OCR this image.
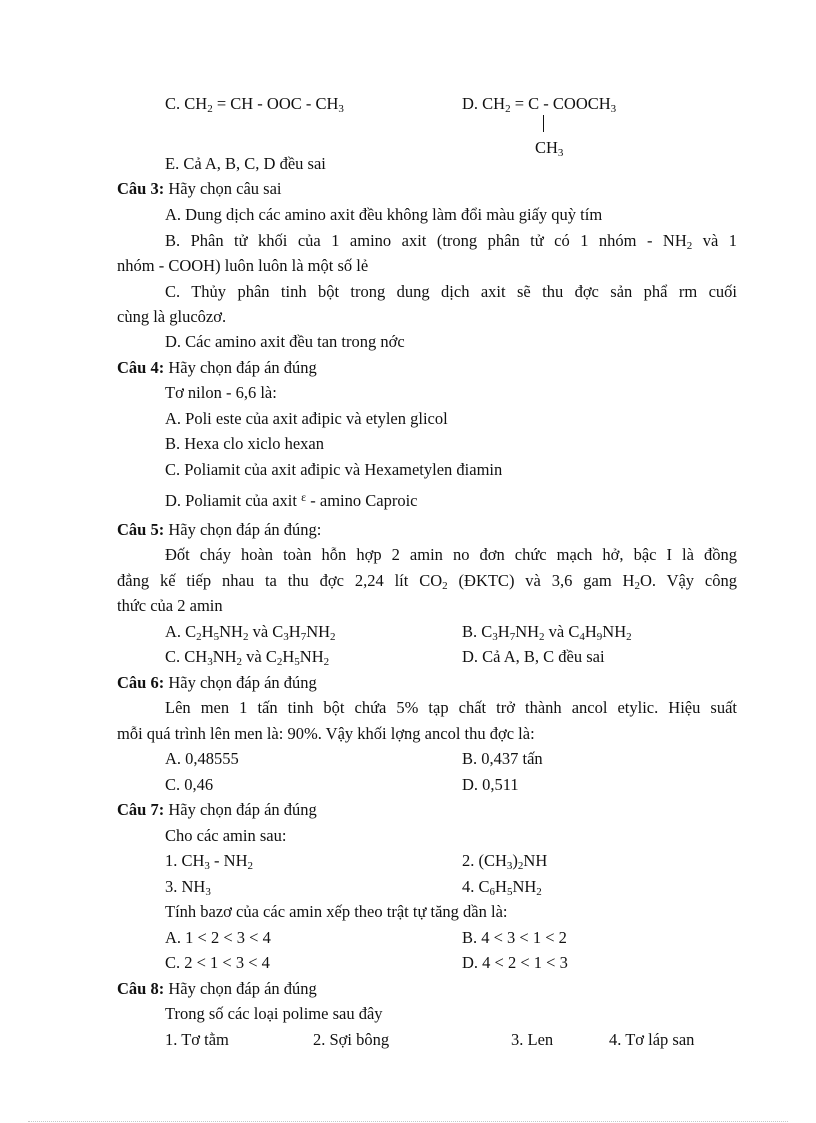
C. $CH_2$ = CH - OOC - $CH_3$	D. $CH_2 = C$ - $COOCH_3$
$CH_3$
E. Cả A, B, C, D đều sai
Câu 3: Hãy chọn câu sai
A. Dung dịch các amino axit đều không làm đổi màu giấy quỳ tím
B. Phân tử khối của 1 amino axit (trong phân tử có 1 nhóm - $NH_2$ và 1
nhóm - COOH) luôn luôn là một số lẻ
C. Thủy phân tinh bột trong dung dịch axit sẽ thu đợc sản phẩ rm cuối
cùng là glucôzơ.
D. Các amino axit đều tan trong nớc
Câu 4: Hãy chọn đáp án đúng
Tơ nilon - 6,6 là:
A. Poli este của axit ađipic và etylen glicol
B. Hexa clo xiclo hexan
C. Poliamit của axit ađipic và Hexametylen điamin
D. Poliamit của axit $^\varepsilon$ - amino Caproic
Câu 5: Hãy chọn đáp án đúng:
Đốt cháy hoàn toàn hỗn hợp 2 amin no đơn chức mạch hở, bậc I là đồng
đẳng kế tiếp nhau ta thu đợc 2,24 lít $CO_2$ (ĐKTC) và 3,6 gam $H_2O$. Vậy công
thức của 2 amin
A. $C_2H_5NH_2$ và $C_3H_7NH_2$	B. $C_3H_7NH_2$ và $C_4H_9NH_2$
C. $CH_3NH_2$ và $C_2H_5NH_2$	D. Cả A, B, C đều sai
Câu 6: Hãy chọn đáp án đúng
Lên men 1 tấn tinh bột chứa 5% tạp chất trở thành ancol etylic. Hiệu suất
mỗi quá trình lên men là: 90%. Vậy khối lợng ancol thu đợc là:
A. 0,48555	B. 0,437 tấn
C. 0,46	D. 0,511
Câu 7: Hãy chọn đáp án đúng
Cho các amin sau:
1. $CH_3 - NH_2$	2. $(CH_3)_2NH$
3. $NH_3$	4. $C_6H_5NH_2$
Tính bazơ của các amin xếp theo trật tự tăng dần là:
A. 1 < 2 < 3 < 4	B. 4 < 3 < 1 < 2
C. 2 < 1 < 3 < 4	D. 4 < 2 < 1 < 3
Câu 8: Hãy chọn đáp án đúng
Trong số các loại polime sau đây
1. Tơ tằm	2. Sợi bông	3. Len	4. Tơ láp san
